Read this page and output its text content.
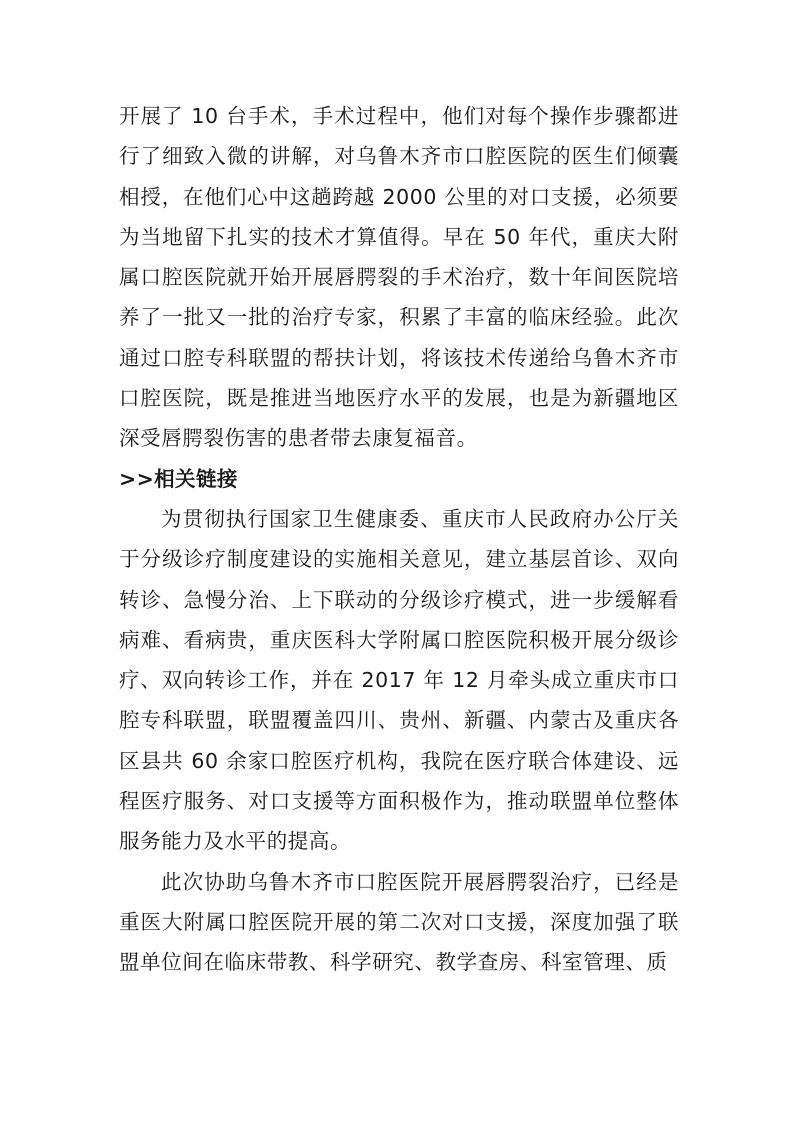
开展了 10 台手术，手术过程中，他们对每个操作步骤都进行了细致入微的讲解，对乌鲁木齐市口腔医院的医生们倾囊相授，在他们心中这趟跨越 2000 公里的对口支援，必须要为当地留下扎实的技术才算值得。早在 50 年代，重庆大附属口腔医院就开始开展唇腭裂的手术治疗，数十年间医院培养了一批又一批的治疗专家，积累了丰富的临床经验。此次通过口腔专科联盟的帮扶计划，将该技术传递给乌鲁木齐市口腔医院，既是推进当地医疗水平的发展，也是为新疆地区深受唇腭裂伤害的患者带去康复福音。

>>相关链接

为贯彻执行国家卫生健康委、重庆市人民政府办公厅关于分级诊疗制度建设的实施相关意见，建立基层首诊、双向转诊、急慢分治、上下联动的分级诊疗模式，进一步缓解看病难、看病贵，重庆医科大学附属口腔医院积极开展分级诊疗、双向转诊工作，并在 2017 年 12 月牵头成立重庆市口腔专科联盟，联盟覆盖四川、贵州、新疆、内蒙古及重庆各区县共 60 余家口腔医疗机构，我院在医疗联合体建设、远程医疗服务、对口支援等方面积极作为，推动联盟单位整体服务能力及水平的提高。

此次协助乌鲁木齐市口腔医院开展唇腭裂治疗，已经是重医大附属口腔医院开展的第二次对口支援，深度加强了联盟单位间在临床带教、科学研究、教学查房、科室管理、质
